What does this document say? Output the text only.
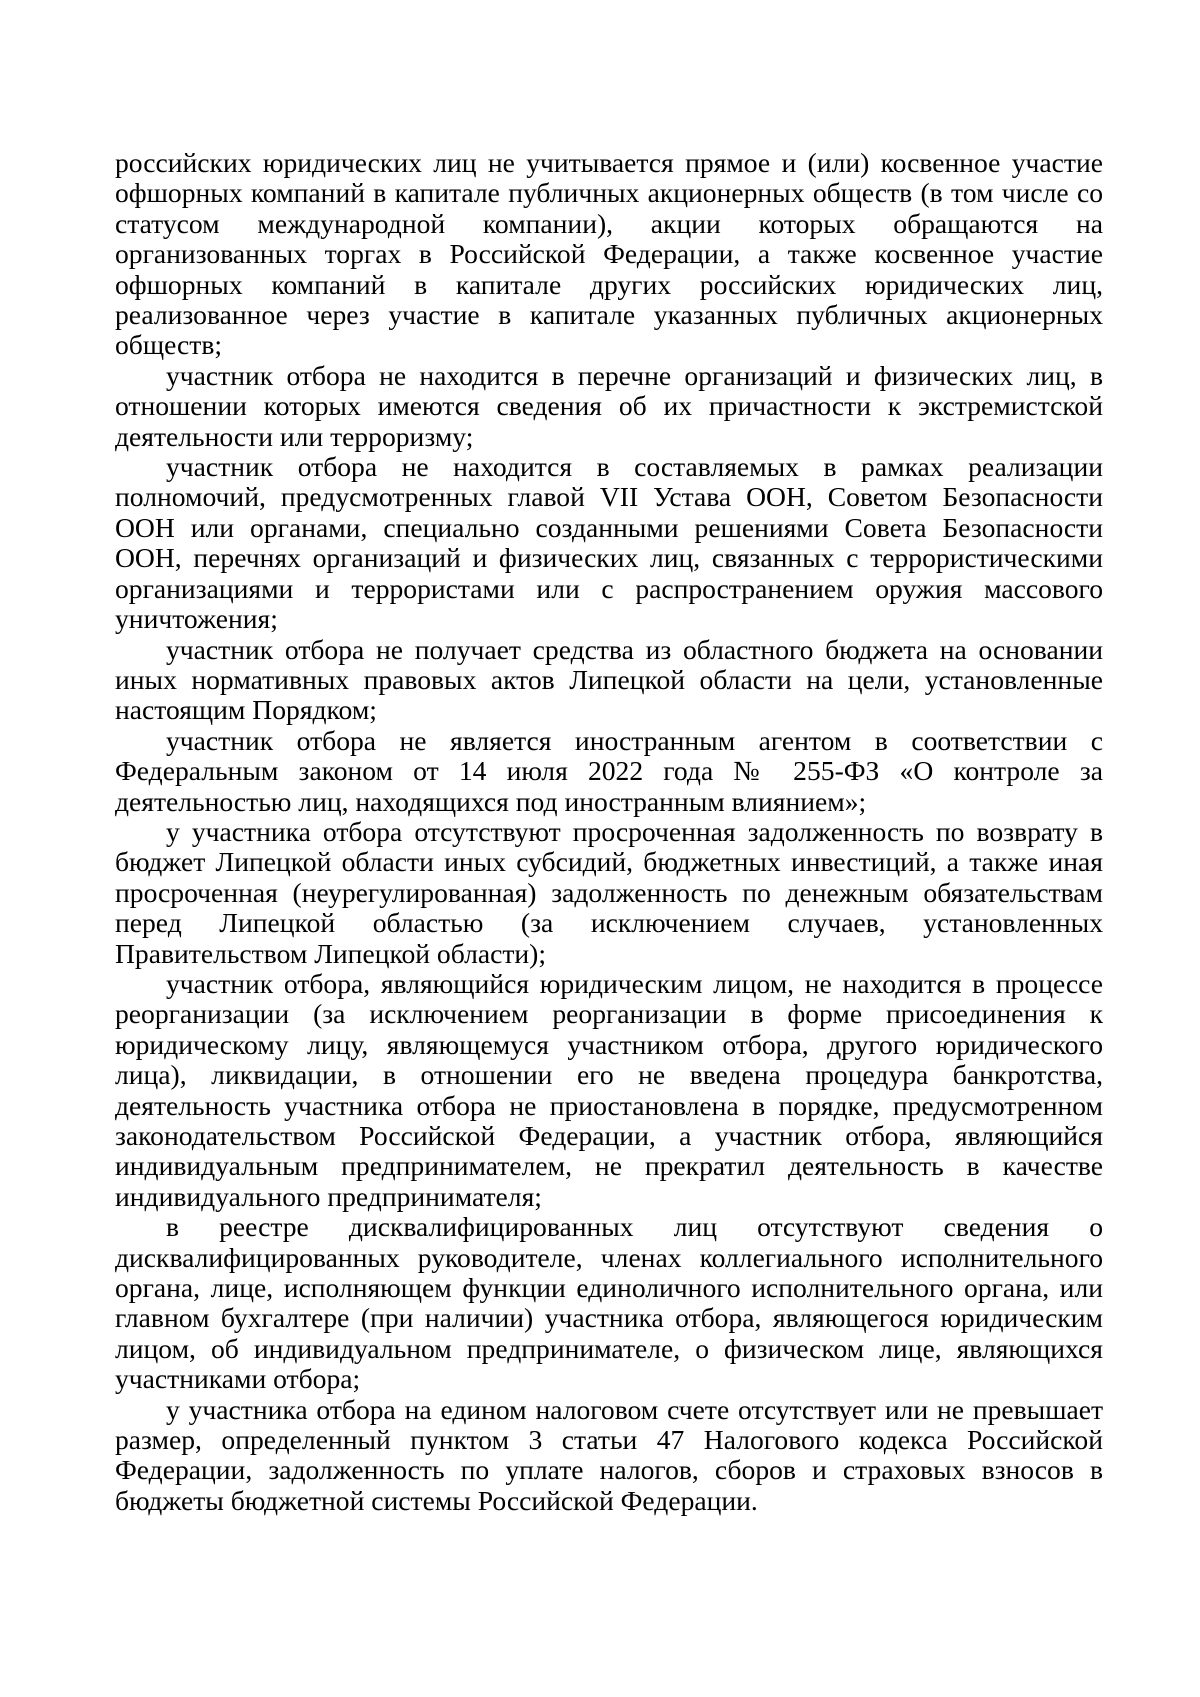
российских юридических лиц не учитывается прямое и (или) косвенное участие офшорных компаний в капитале публичных акционерных обществ (в том числе со статусом международной компании), акции которых обращаются на организованных торгах в Российской Федерации, а также косвенное участие офшорных компаний в капитале других российских юридических лиц, реализованное через участие в капитале указанных публичных акционерных обществ;

участник отбора не находится в перечне организаций и физических лиц, в отношении которых имеются сведения об их причастности к экстремистской деятельности или терроризму;

участник отбора не находится в составляемых в рамках реализации полномочий, предусмотренных главой VII Устава ООН, Советом Безопасности ООН или органами, специально созданными решениями Совета Безопасности ООН, перечнях организаций и физических лиц, связанных с террористическими организациями и террористами или с распространением оружия массового уничтожения;

участник отбора не получает средства из областного бюджета на основании иных нормативных правовых актов Липецкой области на цели, установленные настоящим Порядком;

участник отбора не является иностранным агентом в соответствии с Федеральным законом от 14 июля 2022 года № 255-ФЗ «О контроле за деятельностью лиц, находящихся под иностранным влиянием»;

у участника отбора отсутствуют просроченная задолженность по возврату в бюджет Липецкой области иных субсидий, бюджетных инвестиций, а также иная просроченная (неурегулированная) задолженность по денежным обязательствам перед Липецкой областью (за исключением случаев, установленных Правительством Липецкой области);

участник отбора, являющийся юридическим лицом, не находится в процессе реорганизации (за исключением реорганизации в форме присоединения к юридическому лицу, являющемуся участником отбора, другого юридического лица), ликвидации, в отношении его не введена процедура банкротства, деятельность участника отбора не приостановлена в порядке, предусмотренном законодательством Российской Федерации, а участник отбора, являющийся индивидуальным предпринимателем, не прекратил деятельность в качестве индивидуального предпринимателя;

в реестре дисквалифицированных лиц отсутствуют сведения о дисквалифицированных руководителе, членах коллегиального исполнительного органа, лице, исполняющем функции единоличного исполнительного органа, или главном бухгалтере (при наличии) участника отбора, являющегося юридическим лицом, об индивидуальном предпринимателе, о физическом лице, являющихся участниками отбора;

у участника отбора на едином налоговом счете отсутствует или не превышает размер, определенный пунктом 3 статьи 47 Налогового кодекса Российской Федерации, задолженность по уплате налогов, сборов и страховых взносов в бюджеты бюджетной системы Российской Федерации.
